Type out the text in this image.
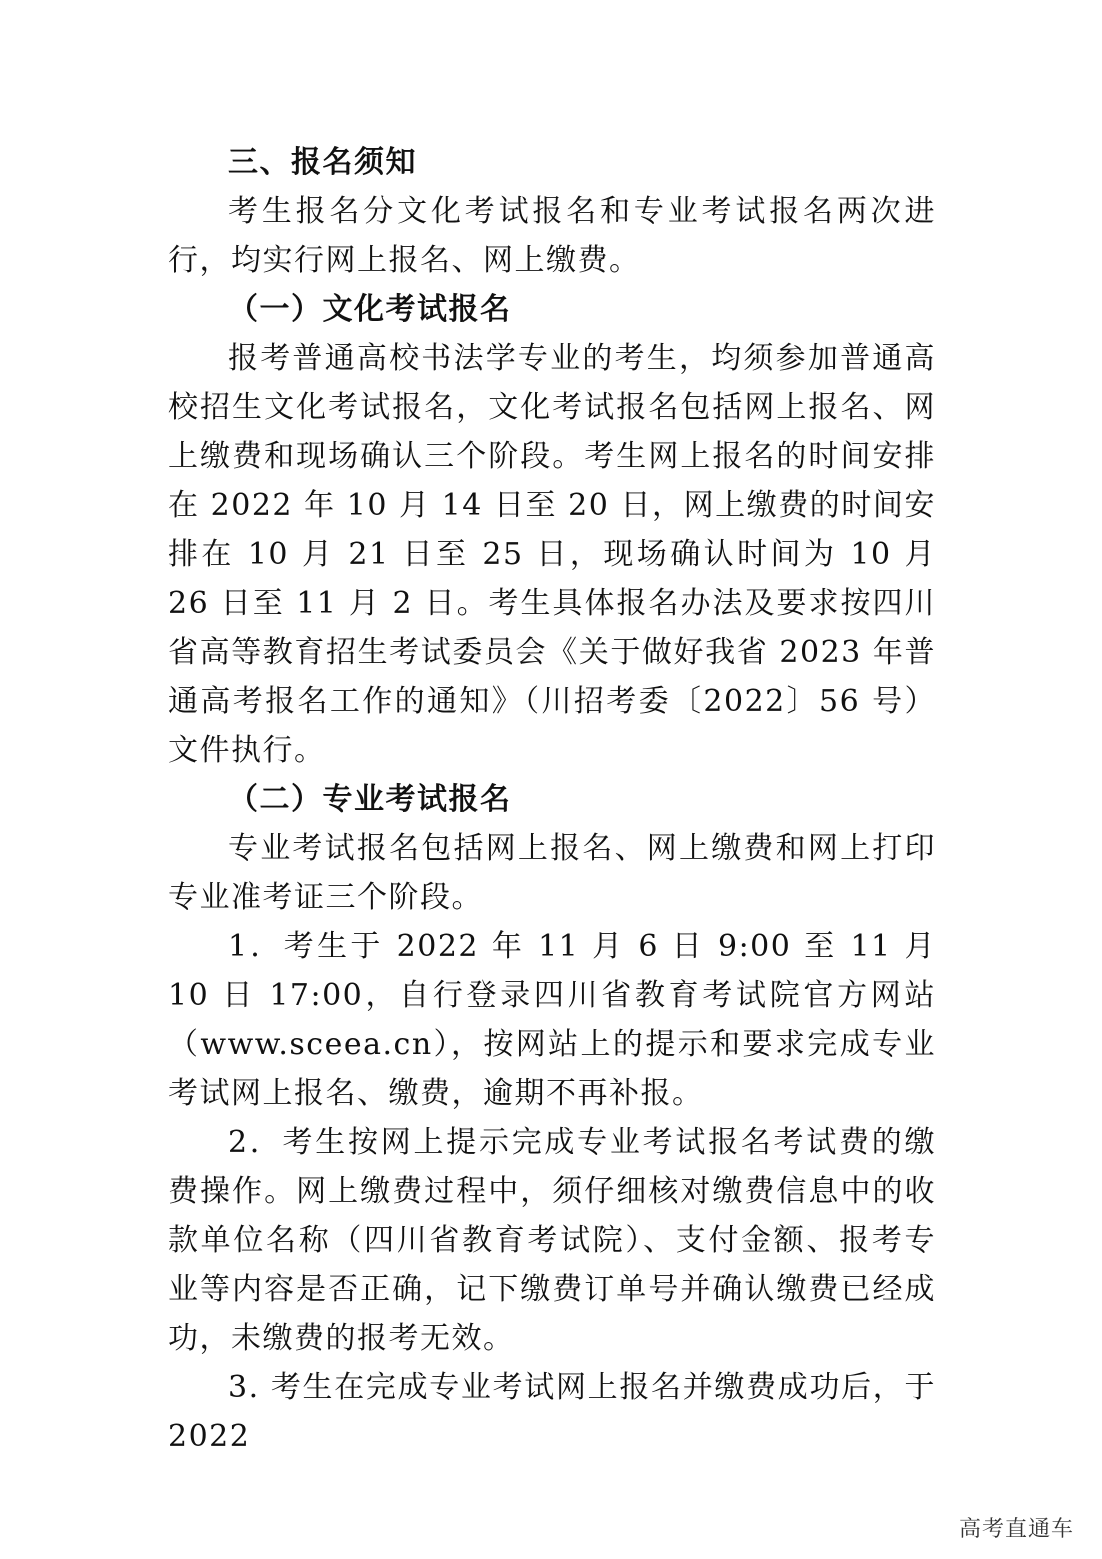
三、报名须知

考生报名分文化考试报名和专业考试报名两次进行，均实行网上报名、网上缴费。

（一）文化考试报名

报考普通高校书法学专业的考生，均须参加普通高校招生文化考试报名，文化考试报名包括网上报名、网上缴费和现场确认三个阶段。考生网上报名的时间安排在 2022 年 10 月 14 日至 20 日，网上缴费的时间安排在 10 月 21 日至 25 日，现场确认时间为 10 月 26 日至 11 月 2 日。考生具体报名办法及要求按四川省高等教育招生考试委员会《关于做好我省 2023 年普通高考报名工作的通知》（川招考委〔2022〕56 号）文件执行。

（二）专业考试报名

专业考试报名包括网上报名、网上缴费和网上打印专业准考证三个阶段。

1．考生于 2022 年 11 月 6 日 9:00 至 11 月 10 日 17:00，自行登录四川省教育考试院官方网站（www.sceea.cn），按网站上的提示和要求完成专业考试网上报名、缴费，逾期不再补报。

2．考生按网上提示完成专业考试报名考试费的缴费操作。网上缴费过程中，须仔细核对缴费信息中的收款单位名称（四川省教育考试院）、支付金额、报考专业等内容是否正确，记下缴费订单号并确认缴费已经成功，未缴费的报考无效。

3. 考生在完成专业考试网上报名并缴费成功后，于 2022

高考直通车
